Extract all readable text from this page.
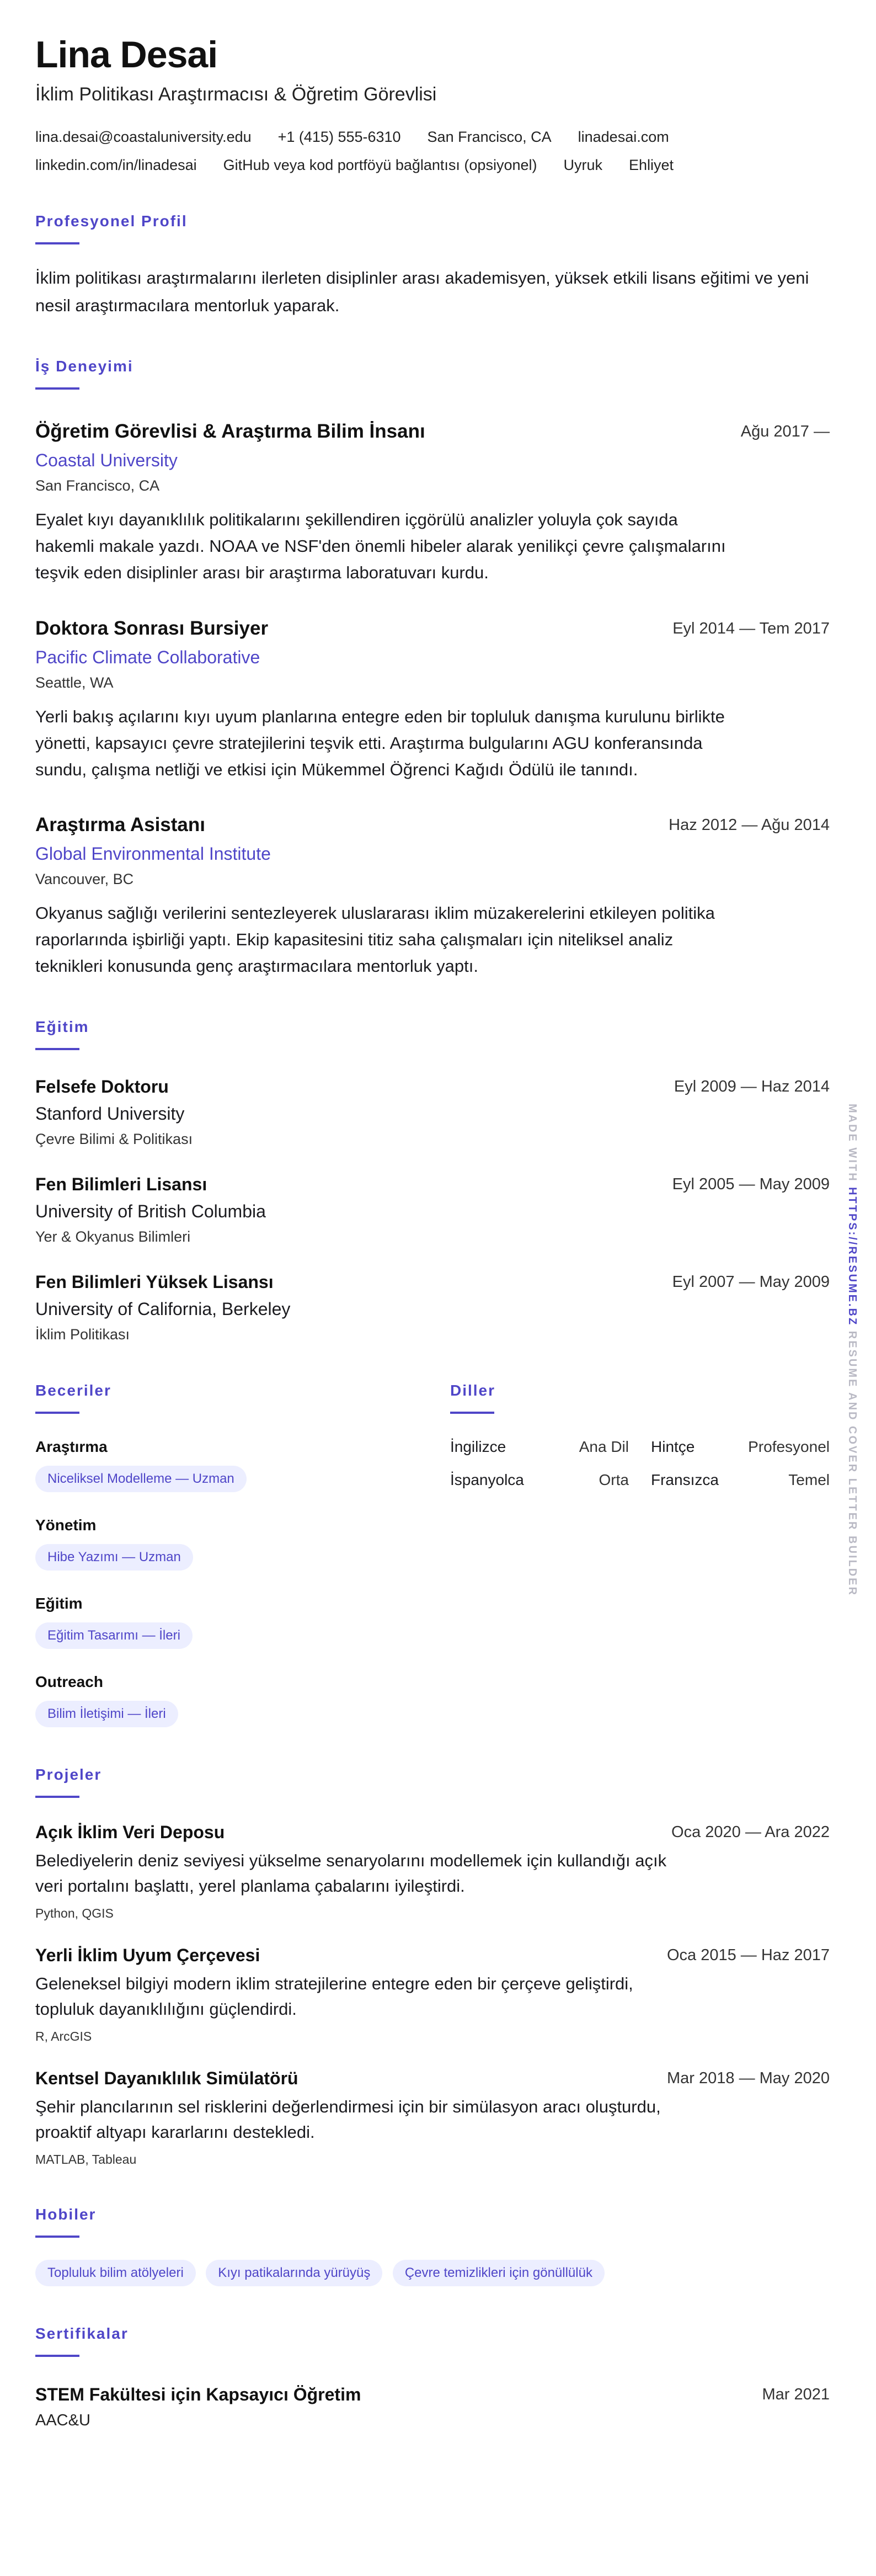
Lina Desai
İklim Politikası Araştırmacısı & Öğretim Görevlisi
lina.desai@coastaluniversity.edu +1 (415) 555-6310 San Francisco, CA linadesai.com
linkedin.com/in/linadesai GitHub veya kod portföyü bağlantısı (opsiyonel) Uyruk Ehliyet
Profesyonel Profil
İklim politikası araştırmalarını ilerleten disiplinler arası akademisyen, yüksek etkili lisans eğitimi ve yeni nesil araştırmacılara mentorluk yaparak.
İş Deneyimi
Öğretim Görevlisi & Araştırma Bilim İnsanı	Ağu 2017 —
Coastal University
San Francisco, CA
Eyalet kıyı dayanıklılık politikalarını şekillendiren içgörülü analizler yoluyla çok sayıda hakemli makale yazdı. NOAA ve NSF'den önemli hibeler alarak yenilikçi çevre çalışmalarını teşvik eden disiplinler arası bir araştırma laboratuvarı kurdu.
Doktora Sonrası Bursiyer	Eyl 2014 — Tem 2017
Pacific Climate Collaborative
Seattle, WA
Yerli bakış açılarını kıyı uyum planlarına entegre eden bir topluluk danışma kurulunu birlikte yönetti, kapsayıcı çevre stratejilerini teşvik etti. Araştırma bulgularını AGU konferansında sundu, çalışma netliği ve etkisi için Mükemmel Öğrenci Kağıdı Ödülü ile tanındı.
Araştırma Asistanı	Haz 2012 — Ağu 2014
Global Environmental Institute
Vancouver, BC
Okyanus sağlığı verilerini sentezleyerek uluslararası iklim müzakerelerini etkileyen politika raporlarında işbirliği yaptı. Ekip kapasitesini titiz saha çalışmaları için niteliksel analiz teknikleri konusunda genç araştırmacılara mentorluk yaptı.
Eğitim
Felsefe Doktoru	Eyl 2009 — Haz 2014
Stanford University
Çevre Bilimi & Politikası
Fen Bilimleri Lisansı	Eyl 2005 — May 2009
University of British Columbia
Yer & Okyanus Bilimleri
Fen Bilimleri Yüksek Lisansı	Eyl 2007 — May 2009
University of California, Berkeley
İklim Politikası
Beceriler
Araştırma
Niceliksel Modelleme — Uzman
Yönetim
Hibe Yazımı — Uzman
Eğitim
Eğitim Tasarımı — İleri
Outreach
Bilim İletişimi — İleri
Diller
İngilizce	Ana Dil Hintçe	Profesyonel
İspanyolca	Orta Fransızca	Temel
Projeler
Açık İklim Veri Deposu	Oca 2020 — Ara 2022
Belediyelerin deniz seviyesi yükselme senaryolarını modellemek için kullandığı açık veri portalını başlattı, yerel planlama çabalarını iyileştirdi.
Python, QGIS
Yerli İklim Uyum Çerçevesi	Oca 2015 — Haz 2017
Geleneksel bilgiyi modern iklim stratejilerine entegre eden bir çerçeve geliştirdi, topluluk dayanıklılığını güçlendirdi.
R, ArcGIS
Kentsel Dayanıklılık Simülatörü	Mar 2018 — May 2020
Şehir plancılarının sel risklerini değerlendirmesi için bir simülasyon aracı oluşturdu, proaktif altyapı kararlarını destekledi.
MATLAB, Tableau
Hobiler
Topluluk bilim atölyeleri	Kıyı patikalarında yürüyüş	Çevre temizlikleri için gönüllülük
Sertifikalar
STEM Fakültesi için Kapsayıcı Öğretim	Mar 2021
AAC&U
MADE WITH HTTPS://RESUME.BZ RESUME AND COVER LETTER BUILDER
